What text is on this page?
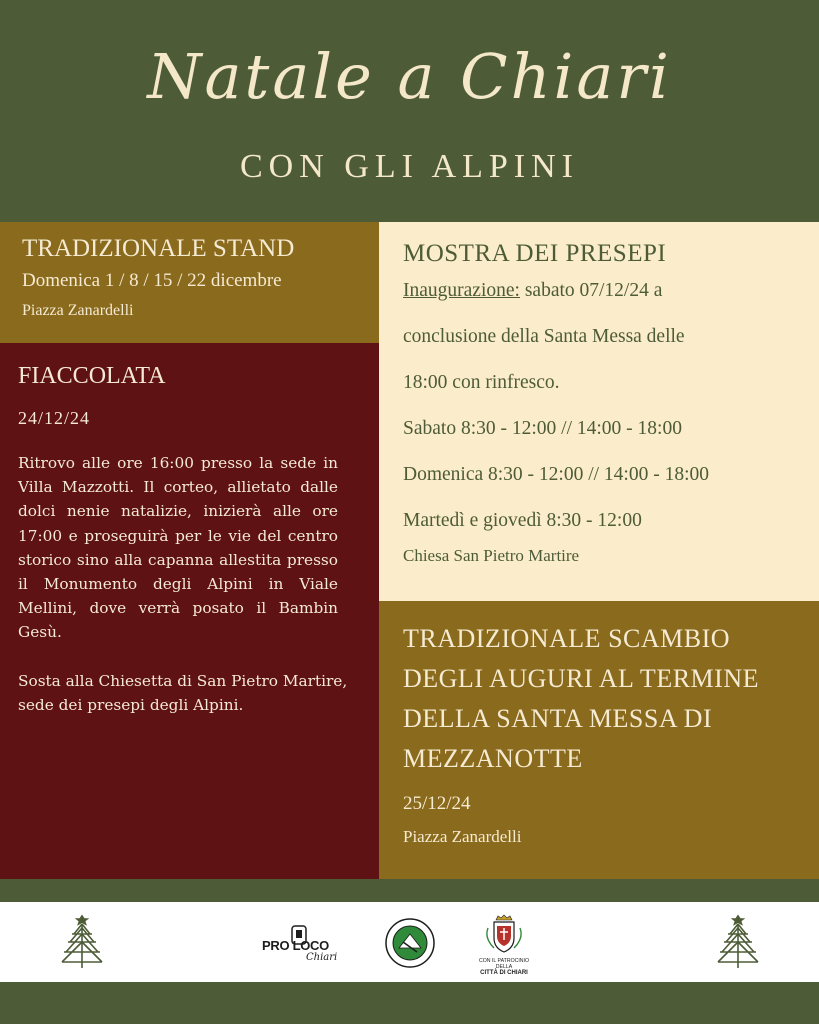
Natale a Chiari
CON GLI ALPINI
TRADIZIONALE STAND
Domenica 1 / 8 / 15 / 22 dicembre
Piazza Zanardelli
FIACCOLATA
24/12/24
Ritrovo alle ore 16:00 presso la sede in Villa Mazzotti. Il corteo, allietato dalle dolci nenie natalizie, inizierà alle ore 17:00 e proseguirà per le vie del centro storico sino alla capanna allestita presso il Monumento degli Alpini in Viale Mellini, dove verrà posato il Bambin Gesù.
Sosta alla Chiesetta di San Pietro Martire, sede dei presepi degli Alpini.
MOSTRA DEI PRESEPI
Inaugurazione: sabato 07/12/24 a
conclusione della Santa Messa delle
18:00 con rinfresco.
Sabato 8:30 - 12:00 // 14:00 - 18:00
Domenica 8:30 - 12:00 // 14:00 - 18:00
Martedì e giovedì 8:30 - 12:00
Chiesa San Pietro Martire
TRADIZIONALE SCAMBIO
DEGLI AUGURI AL TERMINE
DELLA SANTA MESSA DI
MEZZANOTTE
25/12/24
Piazza Zanardelli
PRO LOCO
Chiari	CON IL PATROCINIO DELLA
CITTÀ DI CHIARI
